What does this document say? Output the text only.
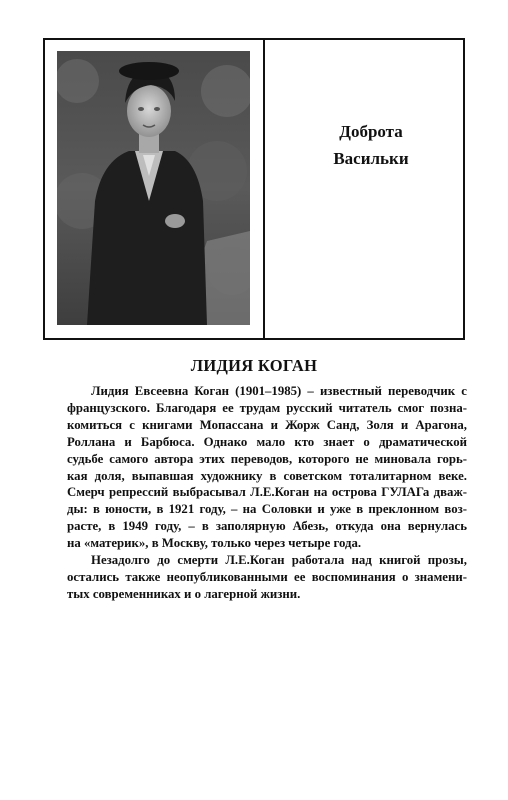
Доброта
Васильки
ЛИДИЯ КОГАН

Лидия Евсеевна Коган (1901–1985) – известный переводчик с
французского. Благодаря ее трудам русский читатель смог позна-
комиться с книгами Мопассана и Жорж Санд, Золя и Арагона,
Роллана и Барбюса. Однако мало кто знает о драматической
судьбе самого автора этих переводов, которого не миновала горь-
кая доля, выпавшая художнику в советском тоталитарном веке.
Смерч репрессий выбрасывал Л.Е.Коган на острова ГУЛАГа дваж-
ды: в юности, в 1921 году, – на Соловки и уже в преклонном воз-
расте, в 1949 году, – в заполярную Абезь, откуда она вернулась
на «материк», в Москву, только через четыре года.

Незадолго до смерти Л.Е.Коган работала над книгой прозы,
остались также неопубликованными ее воспоминания о знамени-
тых современниках и о лагерной жизни.
